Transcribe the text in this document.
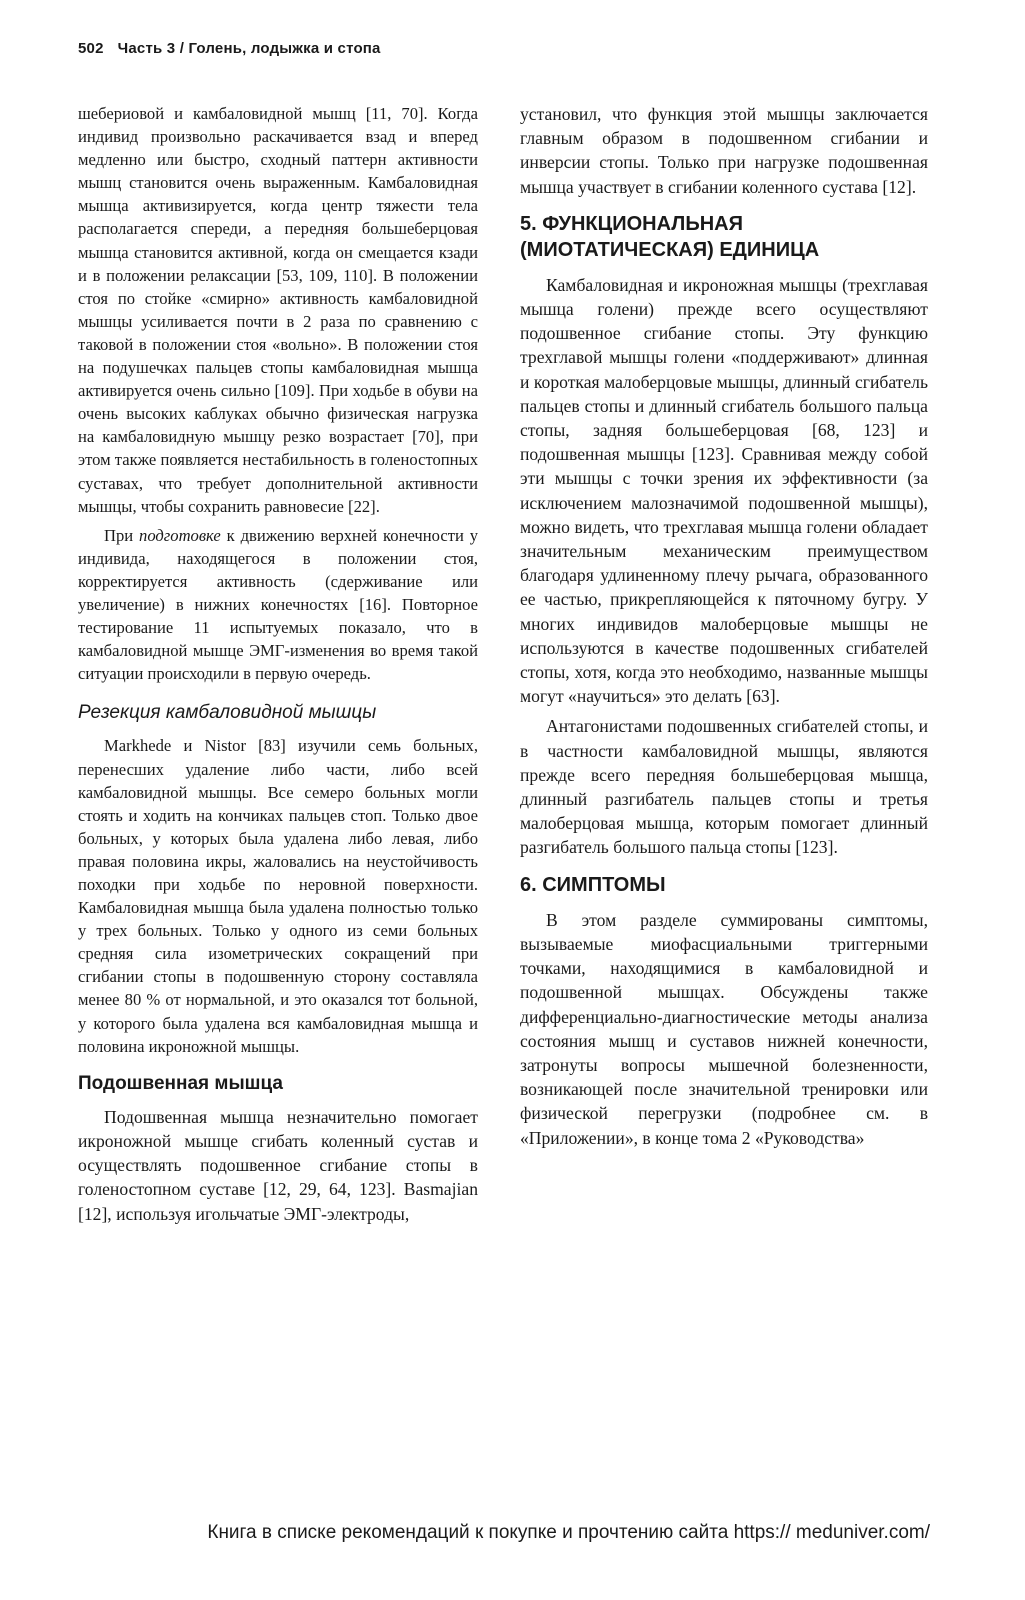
502 Часть 3 / Голень, лодыжка и стопа

шебериовой и камбаловидной мышц [11, 70]. Когда индивид произвольно раскачивается взад и вперед медленно или быстро, сходный паттерн активности мышц становится очень выраженным. Камбаловидная мышца активизируется, когда центр тяжести тела располагается спереди, а передняя большеберцовая мышца становится активной, когда он смещается кзади и в положении релаксации [53, 109, 110]. В положении стоя по стойке «смирно» активность камбаловидной мышцы усиливается почти в 2 раза по сравнению с таковой в положении стоя «вольно». В положении стоя на подушечках пальцев стопы камбаловидная мышца активируется очень сильно [109]. При ходьбе в обуви на очень высоких каблуках обычно физическая нагрузка на камбаловидную мышцу резко возрастает [70], при этом также появляется нестабильность в голеностопных суставах, что требует дополнительной активности мышцы, чтобы сохранить равновесие [22].

При подготовке к движению верхней конечности у индивида, находящегося в положении стоя, корректируется активность (сдерживание или увеличение) в нижних конечностях [16]. Повторное тестирование 11 испытуемых показало, что в камбаловидной мышце ЭМГ-изменения во время такой ситуации происходили в первую очередь.

Резекция камбаловидной мышцы

Markhede и Nistor [83] изучили семь больных, перенесших удаление либо части, либо всей камбаловидной мышцы. Все семеро больных могли стоять и ходить на кончиках пальцев стоп. Только двое больных, у которых была удалена либо левая, либо правая половина икры, жаловались на неустойчивость походки при ходьбе по неровной поверхности. Камбаловидная мышца была удалена полностью только у трех больных. Только у одного из семи больных средняя сила изометрических сокращений при сгибании стопы в подошвенную сторону составляла менее 80 % от нормальной, и это оказался тот больной, у которого была удалена вся камбаловидная мышца и половина икроножной мышцы.

Подошвенная мышца

Подошвенная мышца незначительно помогает икроножной мышце сгибать коленный сустав и осуществлять подошвенное сгибание стопы в голеностопном суставе [12, 29, 64, 123]. Basmajian [12], используя игольчатые ЭМГ-электроды,

установил, что функция этой мышцы заключается главным образом в подошвенном сгибании и инверсии стопы. Только при нагрузке подошвенная мышца участвует в сгибании коленного сустава [12].

5. ФУНКЦИОНАЛЬНАЯ (МИОТАТИЧЕСКАЯ) ЕДИНИЦА

Камбаловидная и икроножная мышцы (трехглавая мышца голени) прежде всего осуществляют подошвенное сгибание стопы. Эту функцию трехглавой мышцы голени «поддерживают» длинная и короткая малоберцовые мышцы, длинный сгибатель пальцев стопы и длинный сгибатель большого пальца стопы, задняя большеберцовая [68, 123] и подошвенная мышцы [123]. Сравнивая между собой эти мышцы с точки зрения их эффективности (за исключением малозначимой подошвенной мышцы), можно видеть, что трехглавая мышца голени обладает значительным механическим преимуществом благодаря удлиненному плечу рычага, образованного ее частью, прикрепляющейся к пяточному бугру. У многих индивидов малоберцовые мышцы не используются в качестве подошвенных сгибателей стопы, хотя, когда это необходимо, названные мышцы могут «научиться» это делать [63].

Антагонистами подошвенных сгибателей стопы, и в частности камбаловидной мышцы, являются прежде всего передняя большеберцовая мышца, длинный разгибатель пальцев стопы и третья малоберцовая мышца, которым помогает длинный разгибатель большого пальца стопы [123].

6. СИМПТОМЫ

В этом разделе суммированы симптомы, вызываемые миофасциальными триггерными точками, находящимися в камбаловидной и подошвенной мышцах. Обсуждены также дифференциально-диагностические методы анализа состояния мышц и суставов нижней конечности, затронуты вопросы мышечной болезненности, возникающей после значительной тренировки или физической перегрузки (подробнее см. в «Приложении», в конце тома 2 «Руководства»

Книга в списке рекомендаций к покупке и прочтению сайта https:// meduniver.com/
